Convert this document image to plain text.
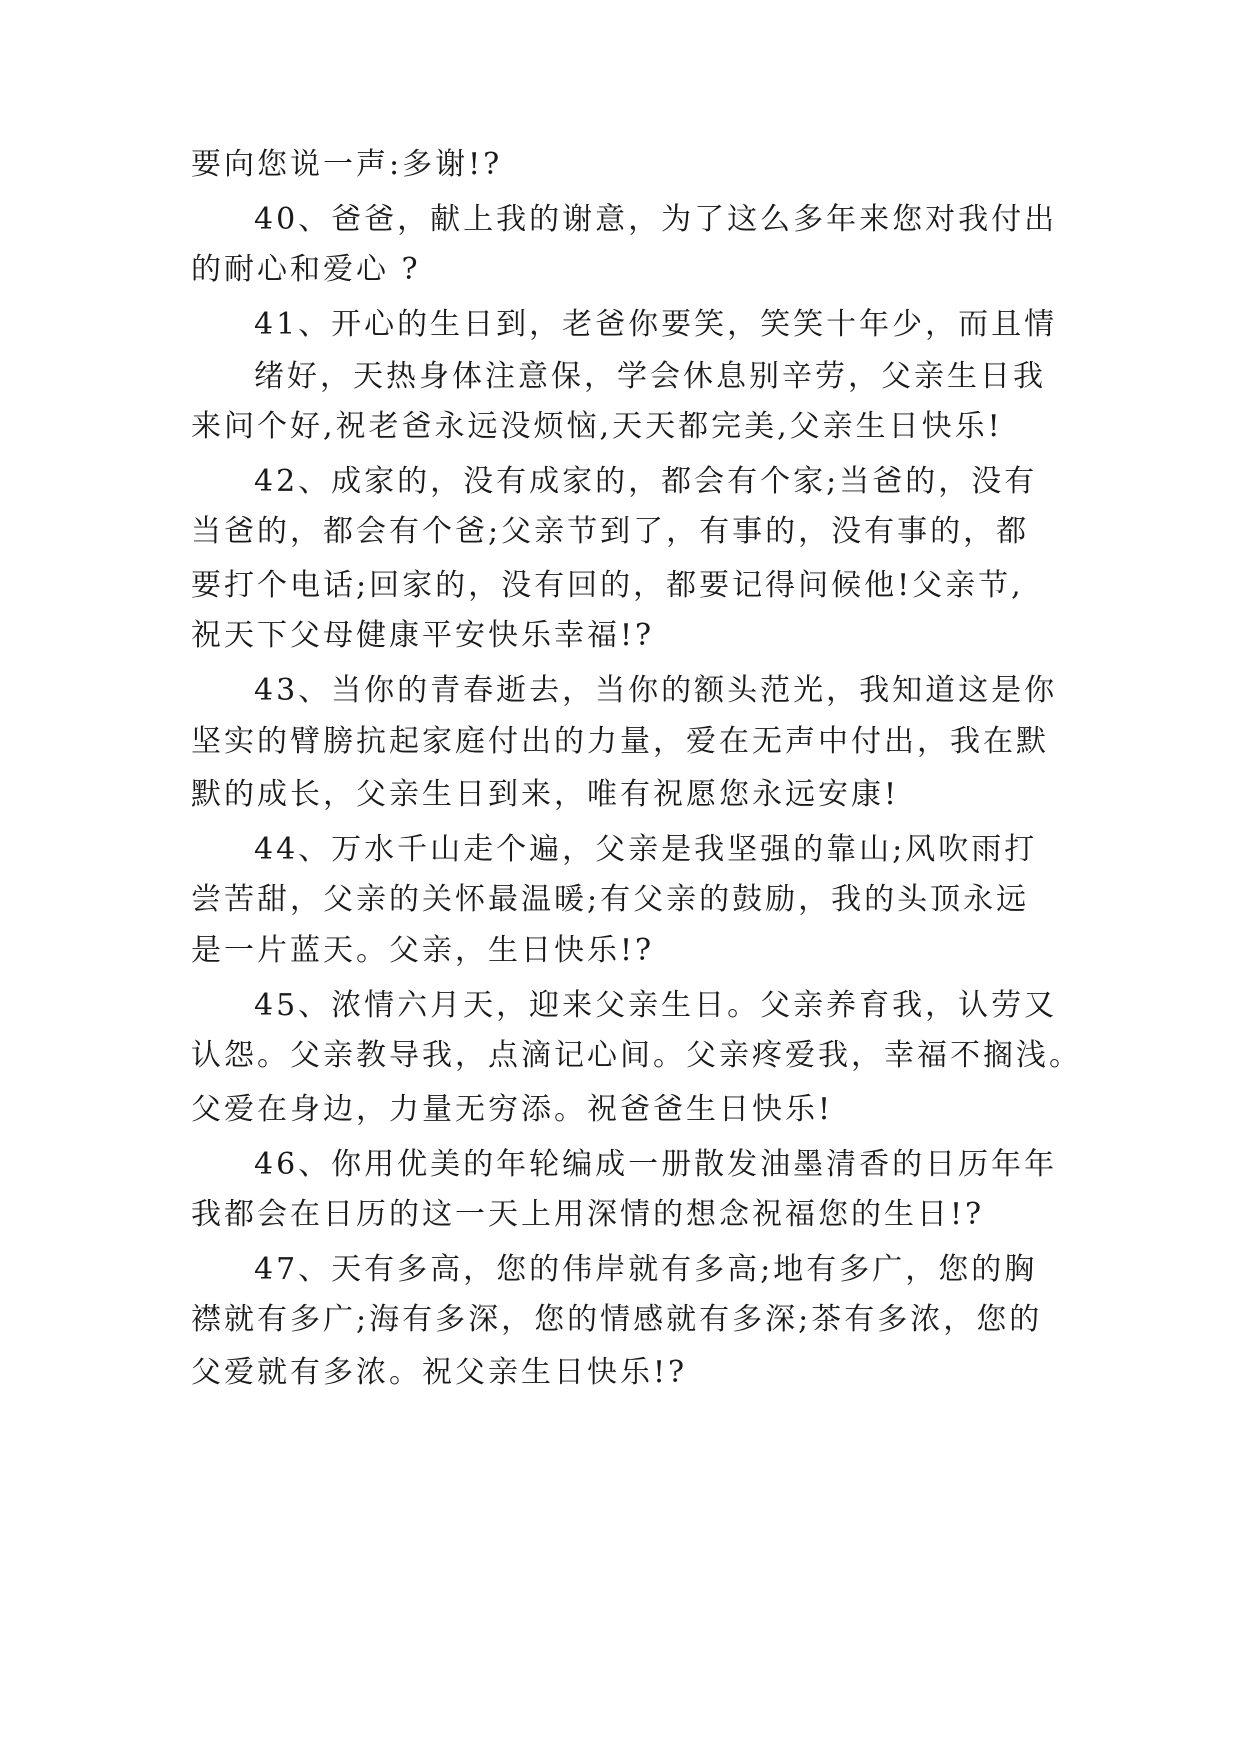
要向您说一声:多谢!?
40、爸爸，献上我的谢意，为了这么多年来您对我付出
的耐心和爱心 ?
41、开心的生日到，老爸你要笑，笑笑十年少，而且情
绪好，天热身体注意保，学会休息别辛劳，父亲生日我
来问个好,祝老爸永远没烦恼,天天都完美,父亲生日快乐!
42、成家的，没有成家的，都会有个家;当爸的，没有
当爸的，都会有个爸;父亲节到了，有事的，没有事的，都
要打个电话;回家的，没有回的，都要记得问候他!父亲节,
祝天下父母健康平安快乐幸福!?
43、当你的青春逝去，当你的额头范光，我知道这是你
坚实的臂膀抗起家庭付出的力量，爱在无声中付出，我在默
默的成长，父亲生日到来，唯有祝愿您永远安康!
44、万水千山走个遍，父亲是我坚强的靠山;风吹雨打
尝苦甜，父亲的关怀最温暖;有父亲的鼓励，我的头顶永远
是一片蓝天。父亲，生日快乐!?
45、浓情六月天，迎来父亲生日。父亲养育我，认劳又
认怨。父亲教导我，点滴记心间。父亲疼爱我，幸福不搁浅。
父爱在身边，力量无穷添。祝爸爸生日快乐!
46、你用优美的年轮编成一册散发油墨清香的日历年年
我都会在日历的这一天上用深情的想念祝福您的生日!?
47、天有多高，您的伟岸就有多高;地有多广，您的胸
襟就有多广;海有多深，您的情感就有多深;茶有多浓，您的
父爱就有多浓。祝父亲生日快乐!?
